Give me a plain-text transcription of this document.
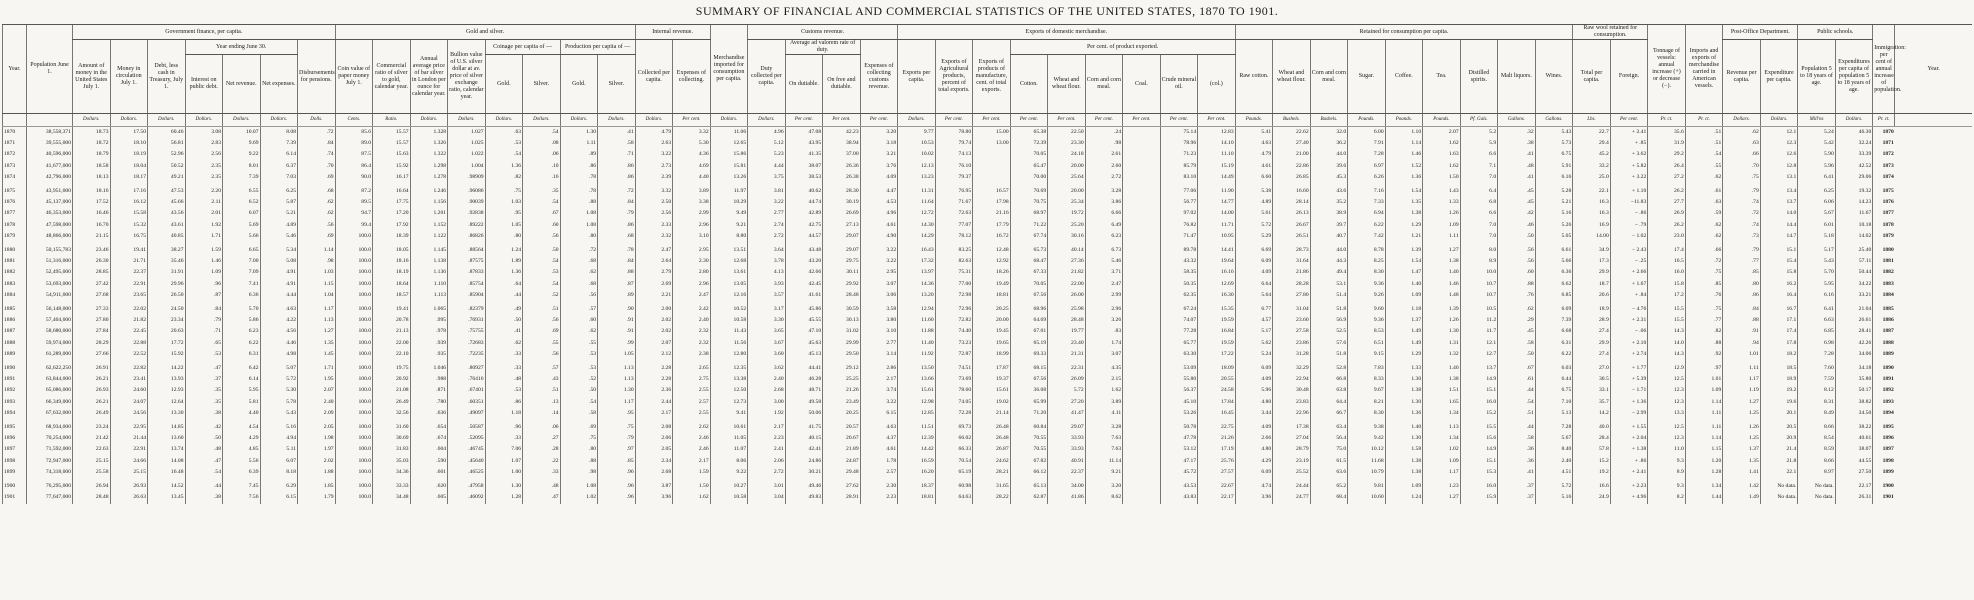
SUMMARY OF FINANCIAL AND COMMERCIAL STATISTICS OF THE UNITED STATES, 1870 TO 1901.
Year.	Population June 1.	Government finance, per capita.							Gold and silver.								Internal revenue.		Merchandise imported for consumption per capita.	Customs revenue.				Exports of domestic merchandise.									Retained for consumption per capita.									Raw wool retained for consumption.		Tonnage of vessels: annual increase (+) or decrease (−).	Imports and exports of merchandise carried in American vessels.	Post-Office Department.		Public schools.		Immigration: per cent of annual increase of population.	Year.
		Amount of money in the United States July 1.	Money in circulation July 1.	Debt, less cash in Treasury, July 1.	Year ending June 30.			Disbursements for pensions.	Coin value of paper money July 1.	Commercial ratio of silver to gold, calendar year.	Annual average price of bar silver in London per ounce for calendar year.	Bullion value of U.S. silver dollar at av. price of silver exchange ratio, calendar year.	Coinage per capita of —		Production per capita of —		Collected per capita.	Expenses of collecting.		Duty collected per capita.	Average ad valorem rate of duty.		Expenses of collecting customs revenue.	Exports per capita.	Exports of Agricultural products, percent of total exports.	Exports of products of manufacture, cent. of total exports.	Per cent. of product exported.						Raw cotton.	Wheat and wheat flour.	Corn and corn meal.	Sugar.	Coffee.	Tea.	Distilled spirits.	Malt liquors.	Wines.	Total per capita.	Foreign.			Revenue per capita.	Expenditure per capita.	Population 5 to 18 years of age.	Expenditures per capita of population 5 to 18 years of age.		

					Interest on public debt.	Net revenue.	Net expenses.						Gold.	Silver.	Gold.	Silver.					On dutiable.	On free and dutiable.					Cotton.	Wheat and wheat flour.	Corn and corn meal.	Coal.	Crude mineral oil.	(col.)																			
		Dollars.	Dollars.	Dollars.	Dollars.	Dollars.	Dollars.	Dolls.	Cents.	Ratio.	Dollars.	Dollars.	Dollars.	Dollars.	Dollars.	Dollars.	Dollars.	Per cent.	Dollars.	Dollars.	Per cent.	Per cent.	Per cent.	Dollars.	Per cent.	Per cent.	Per cent.	Per cent.	Per cent.	Per cent.	Per cent.	Per cent.	Pounds.	Bushels.	Bushels.	Pounds.	Pounds.	Pounds.	Pf. Gals.	Gallons.	Gallons.	Lbs.	Per cent.	Pr. ct.	Pr. ct.	Dollars.	Dollars.	Mill'ns	Dollars.	Pr. ct.	
1870	38,558,371	18.73	17.50	60.46	3.08	10.07	8.08	.72	85.6	15.57	1.328	1.027	.63	.54	1.30	.41	4.79	3.32	11.06	4.96	47.08	42.23	3.20	9.77	78.80	15.00	65.38	22.50	.24		75.14	12.83	5.41	22.62	32.0	6.00	1.10	2.07	5.2	.32	5.43	22.7	+ 2.41	35.6	.51	.62	12.1	5.24	46.30	1870	
1871	39,555,000	18.72	18.10	56.81	2.83	9.69	7.39	.84	89.0	15.57	1.326	1.025	.53	.08	1.11	.58	2.63	5.30	12.65	5.12	43.95	38.94	3.18	10.53	79.74	13.00	72.39	23.30	.98		78.96	14.10	4.63	27.40	36.2	7.91	1.14	1.62	5.9	.38	5.73	29.4	+ .85	31.9	.51	.63	12.3	5.42	32.24	1871	
1872	40,596,000	18.79	18.19	52.96	2.56	9.22	6.14	.74	87.5	15.63	1.322	1.022	.54	.06	.89	.71	3.22	4.36	15.86	5.23	41.35	37.00	3.21	10.02	74.13		70.05	24.18	2.61		71.23	11.10	4.79	21.00	44.0	7.28	1.46	1.63	6.6	.41	6.75	45.2	+ 3.62	29.2	.54	.66	12.6	5.90	33.39	1872	
1873	41,677,000	18.58	18.04	50.52	2.35	8.01	6.37	.70	86.4	15.92	1.298	1.004	1.36	.10	.86	.86	2.73	4.69	15.81	4.44	38.07	26.36	3.76	12.13	76.10		65.47	20.00	2.60		85.79	15.19	4.61	22.86	39.6	6.97	1.52	1.62	7.1	.48	5.91	33.2	+ 5.82	26.4	.55	.70	12.8	5.96	42.52	1873	
1874	42,796,000	18.13	18.17	49.21	2.35	7.39	7.03	.69	90.0	16.17	1.278	.98909	.82	.16	.78	.86	2.39	4.40	13.26	3.75	38.53	26.38	4.09	13.23	79.37		70.00	25.64	2.72		83.10	14.49	6.60	26.85	45.3	6.26	1.36	1.50	7.0	.41	6.16	25.0	+ 3.22	27.2	.62	.75	13.1	6.41	29.06	1874	
1875	43,951,000	18.16	17.16	47.53	2.20	6.55	6.25	.68	87.2	16.64	1.246	.96086	.75	.35	.78	.72	3.32	3.89	11.97	3.81	40.62	28.30	4.47	11.31	76.95	16.57	70.69	20.00	3.28		77.06	11.90	5.38	16.60	43.6	7.16	1.54	1.43	6.4	.45	5.28	22.1	+ 1.10	26.2	.61	.79	13.4	6.25	19.32	1875	
1876	45,137,000	17.52	16.12	45.66	2.11	6.52	5.87	.62	89.5	17.75	1.156	.90039	1.03	.54	.88	.84	2.50	3.38	10.29	3.22	44.74	30.19	4.53	11.64	71.67	17.98	70.75	25.34	3.86		56.77	14.77	4.89	28.14	35.2	7.33	1.35	1.33	6.8	.45	5.21	16.3	−11.83	27.7	.63	.74	13.7	6.06	14.23	1876	
1877	46,353,000	16.46	15.58	43.56	2.01	6.07	5.21	.62	94.7	17.20	1.201	.92838	.95	.67	1.08	.79	2.56	2.99	9.49	2.77	42.89	26.69	4.96	12.72	72.63	21.16	68.97	19.72	6.66		97.02	14.00	5.61	26.13	38.9	6.94	1.38	1.26	6.6	.42	5.16	16.3	− .86	26.9	.59	.72	14.0	5.67	11.67	1877	
1878	47,598,000	16.70	15.32	43.61	1.92	5.69	4.89	.56	99.4	17.92	1.152	.89222	1.05	.60	1.08	.86	2.33	2.96	9.21	2.74	42.75	27.13	4.61	14.30	77.07	17.79	71.22	25.20	6.49		76.82	11.71	5.72	26.67	39.7	6.22	1.29	1.09	7.0	.46	5.26	16.9	− .79	26.2	.62	.74	14.4	6.01	10.18	1878	
1879	48,866,000	21.15	16.75	40.85	1.71	5.66	5.46	.69	100.0	18.39	1.122	.86826	.80	.56	.80	.68	2.32	3.10	8.80	2.72	44.57	29.07	4.90	14.29	78.12	16.72	67.74	30.16	6.23		71.47	10.95	5.29	26.51	40.7	7.42	1.21	1.11	7.0	.50	5.05	14.00	− 1.02	23.0	.62	.73	14.7	5.18	14.02	1879	
1880	50,155,783	23.46	19.41	38.27	1.59	6.65	5.34	1.14	100.0	18.05	1.145	.88564	1.24	.50	.72	.78	2.47	2.95	13.51	3.64	43.48	29.07	3.22	16.43	83.25	12.48	65.73	40.14	6.73		89.78	14.41	6.69	28.73	44.0	8.78	1.39	1.27	8.0	.56	6.61	34.9	− 2.43	17.4	.66	.79	15.1	5.17	25.40	1880	
1881	51,316,000	26.30	21.71	35.46	1.46	7.00	5.08	.98	100.0	18.16	1.138	.87575	1.89	.54	.68	.84	2.64	2.30	12.68	3.78	43.20	29.75	3.22	17.32	82.63	12.92	68.47	27.36	5.46		43.32	19.64	6.09	31.64	44.3	8.25	1.54	1.38	8.9	.56	5.66	17.3	− .25	16.5	.72	.77	15.4	5.43	57.11	1881	
1882	52,495,000	28.85	22.37	31.91	1.09	7.09	4.91	1.03	100.0	18.19	1.136	.87833	1.36	.53	.62	.88	2.79	2.80	13.61	4.13	42.66	30.11	2.95	13.97	75.31	18.26	67.33	21.82	3.71		58.35	16.16	4.09	21.86	49.4	8.30	1.47	1.40	10.0	.60	6.36	29.9	+ 2.66	16.0	.75	.85	15.8	5.70	50.44	1882	
1883	53,693,000	27.42	22.91	29.96	.96	7.41	4.91	1.15	100.0	18.64	1.110	.85754	.64	.54	.68	.87	2.69	2.96	13.05	3.93	42.45	29.92	3.07	14.36	77.00	19.49	70.05	22.00	2.47		50.35	12.69	6.64	28.28	53.1	9.36	1.40	1.46	10.7	.88	6.62	18.7	+ 1.67	15.8	.85	.80	16.2	5.95	34.22	1883	
1884	54,911,000	27.68	23.65	26.50	.87	6.36	4.44	1.04	100.0	18.57	1.113	.85904	.44	.52	.56	.89	2.21	2.47	12.16	3.57	41.61	28.48	3.06	13.20	72.98	18.81	67.56	26.00	2.99		62.35	16.30	5.64	27.80	51.4	9.26	1.09	1.48	10.7	.76	6.85	20.6	+ .84	17.2	.76	.86	16.4	6.16	33.21	1884	
1885	56,148,000	27.33	22.02	24.50	.84	5.70	4.63	1.17	100.0	19.41	1.065	.82379	.49	.51	.57	.90	2.00	2.42	10.52	3.17	45.86	30.59	3.58	12.94	72.96	20.25	68.96	25.98	2.96		67.24	15.35	6.77	31.04	51.8	9.60	1.18	1.39	10.5	.62	6.09	18.9	− 4.76	15.5	.75	.84	16.7	6.41	21.04	1885	
1886	57,404,000	27.80	21.82	23.34	.79	5.86	4.22	1.13	100.0	20.78	.995	.76931	.50	.56	.60	.91	2.02	2.40	10.58	3.30	45.55	30.13	3.80	11.60	72.82	20.00	64.69	28.48	3.26		74.07	19.59	4.57	23.60	56.9	9.36	1.37	1.26	11.2	.29	7.39	28.9	+ 2.31	15.5	.77	.88	17.1	6.63	26.61	1886	
1887	58,680,000	27.84	22.45	20.63	.71	6.23	4.56	1.27	100.0	21.13	.978	.75755	.41	.69	.62	.91	2.02	2.32	11.43	3.65	47.10	31.02	3.10	11.88	74.40	19.45	67.01	19.77	.83		77.28	16.84	5.17	27.58	52.5	8.53	1.49	1.30	11.7	.45	6.68	27.4	− .06	14.3	.82	.91	17.4	6.85	28.41	1887	
1888	59,974,000	28.29	22.88	17.72	.65	6.22	4.46	1.35	100.0	22.00	.939	.72683	.62	.55	.55	.99	2.07	2.32	11.56	3.67	45.63	29.99	2.77	11.40	73.23	19.65	65.19	23.40	1.74		65.77	19.59	5.62	23.86	57.6	6.51	1.49	1.31	12.1	.58	6.31	29.9	+ 2.10	14.0	.88	.94	17.8	6.98	42.26	1888	
1889	61,289,000	27.66	22.52	15.92	.53	6.31	4.98	1.45	100.0	22.10	.935	.72235	.33	.56	.53	1.05	2.12	2.38	12.80	3.60	45.13	29.50	3.14	11.92	72.87	18.99	69.33	21.31	3.07		63.30	17.22	5.24	31.28	51.8	9.15	1.29	1.32	12.7	.50	6.22	27.4	+ 2.74	14.3	.92	1.01	18.2	7.28	34.06	1889	
1890	62,622,250	26.91	22.82	14.22	.47	6.42	5.07	1.71	100.0	19.75	1.046	.80927	.33	.57	.53	1.13	2.28	2.65	12.35	3.62	44.41	29.12	2.86	13.50	74.51	17.87	68.15	22.31	4.35		53.09	18.09	6.09	32.29	52.8	7.83	1.33	1.40	13.7	.67	6.03	27.0	+ 1.77	12.9	.97	1.11	18.5	7.60	34.18	1890	
1891	63,844,000	26.21	23.41	13.93	.37	6.14	5.72	1.95	100.0	20.92	.988	.76416	.48	.43	.52	1.13	2.28	2.75	13.38	2.40	46.28	25.25	2.17	13.66	73.69	19.37	67.56	26.09	2.15		55.80	20.55	4.09	22.94	66.8	8.33	1.30	1.38	14.9	.61	6.44	30.5	+ 5.39	12.5	1.01	1.17	18.9	7.59	35.80	1891	
1892	65,086,000	26.93	24.60	12.93	.35	5.95	5.30	2.07	100.0	21.08	.871	.67401	.53	.51	.50	1.30	2.36	2.55	12.50	2.68	48.71	21.26	3.74	15.61	78.60	15.61	36.08	5.72	1.62		56.37	24.58	5.96	30.48	63.8	9.67	1.38	1.51	15.1	.44	6.75	33.1	− 1.71	12.3	1.09	1.19	19.2	8.12	50.17	1892	
1893	66,349,000	26.21	24.07	12.64	.35	5.81	5.78	2.40	100.0	26.49	.780	.60351	.86	.13	.54	1.17	2.44	2.57	12.73	3.00	49.58	23.49	3.22	12.98	74.05	19.02	65.99	27.20	3.89		45.10	17.84	4.80	23.83	64.4	8.21	1.30	1.65	16.0	.54	7.10	35.7	+ 1.36	12.3	1.14	1.27	19.6	8.31	38.82	1893	
1894	67,632,000	26.49	24.56	13.30	.38	4.40	5.43	2.09	100.0	32.56	.636	.49097	1.18	.14	.58	.95	2.17	2.55	9.41	1.92	50.06	20.25	6.15	12.85	72.28	21.14	71.20	41.47	4.11		53.26	16.45	3.44	22.96	66.7	8.30	1.36	1.34	15.2	.51	5.13	14.2	− 2.99	13.3	1.11	1.25	20.1	8.49	34.50	1894	
1895	68,934,000	23.24	22.95	14.85	.42	4.54	5.16	2.05	100.0	31.60	.654	.50587	.96	.06	.69	.75	2.08	2.62	10.61	2.17	41.75	20.57	4.63	11.51	69.73	26.48	60.84	29.07	3.28		50.78	22.75	4.09	17.38	63.4	9.38	1.40	1.13	15.5	.44	7.28	40.0	+ 1.55	12.5	1.11	1.26	20.5	8.66	38.22	1895	
1896	70,254,000	21.42	21.44	13.60	.50	4.29	4.94	1.98	100.0	30.69	.674	.52095	.33	.27	.75	.79	2.06	2.46	11.05	2.23	40.15	20.67	4.37	12.39	66.02	26.48	70.55	33.93	7.63		47.78	21.26	2.66	27.04	56.4	9.42	1.30	1.34	15.6	.58	5.67	28.4	+ 2.04	12.3	1.14	1.25	20.9	8.54	40.61	1896	
1897	71,592,000	22.63	22.91	13.74	.48	4.85	5.11	1.97	100.0	31.83	.604	.46745	7.06	.28	.80	.97	2.05	2.46	11.07	2.41	42.41	21.89	4.61	14.42	66.33	26.87	70.55	33.93	7.63		53.12	17.19	4.80	28.79	75.0	10.12	1.58	1.02	14.9	.36	8.40	57.8	+ 1.38	11.0	1.15	1.37	21.4	8.59	38.07	1897	
1898	72,947,000	25.15	24.66	14.08	.47	5.56	6.07	2.02	100.0	35.03	.590	.45640	1.07	.22	.88	.85	2.34	2.17	8.06	2.06	24.86	24.87	1.78	16.59	70.54	24.62	67.82	40.91	11.14		47.17	25.76	4.29	23.19	61.5	11.68	1.38	1.09	15.1	.36	2.40	15.2	+ .86	9.3	1.20	1.35	21.8	8.66	44.55	1898	
1899	74,318,000	25.58	25.15	16.48	.54	6.39	8.18	1.88	100.0	34.36	.601	.46525	1.00	.33	.98	.96	2.68	1.59	9.22	2.72	30.21	29.48	2.57	16.20	65.19	28.21	66.12	22.37	9.21		45.72	27.57	6.09	25.52	63.6	10.79	1.38	1.17	15.3	.41	4.51	19.2	+ 2.41	8.9	1.28	1.41	22.1	8.97	27.50	1899	
1900	76,295,000	26.94	26.93	14.52	.44	7.45	6.29	1.85	100.0	33.33	.620	.47958	1.30	.48	1.08	.96	3.87	1.50	10.27	3.01	49.46	27.62	2.30	18.37	60.98	31.65	65.13	34.00	3.20		43.53	22.67	4.74	24.44	65.2	9.81	1.09	1.23	16.0	.37	5.72	16.6	+ 2.23	9.3	1.34	1.42	No data.	No data.	22.17	1900	
1901	77,647,000	28.48	26.63	13.45	.38	7.56	6.15	1.79	100.0	34.48	.605	.46092	1.28	.47	1.02	.96	3.96	1.62	10.58	3.04	49.83	28.91	2.23	18.81	64.63	28.22	62.87	41.86	8.62		43.83	22.17	3.96	24.77	68.4	10.60	1.24	1.27	15.9	.37	5.16	24.9	+ 4.96	8.2	1.44	1.49	No data.	No data.	26.31	1901	
